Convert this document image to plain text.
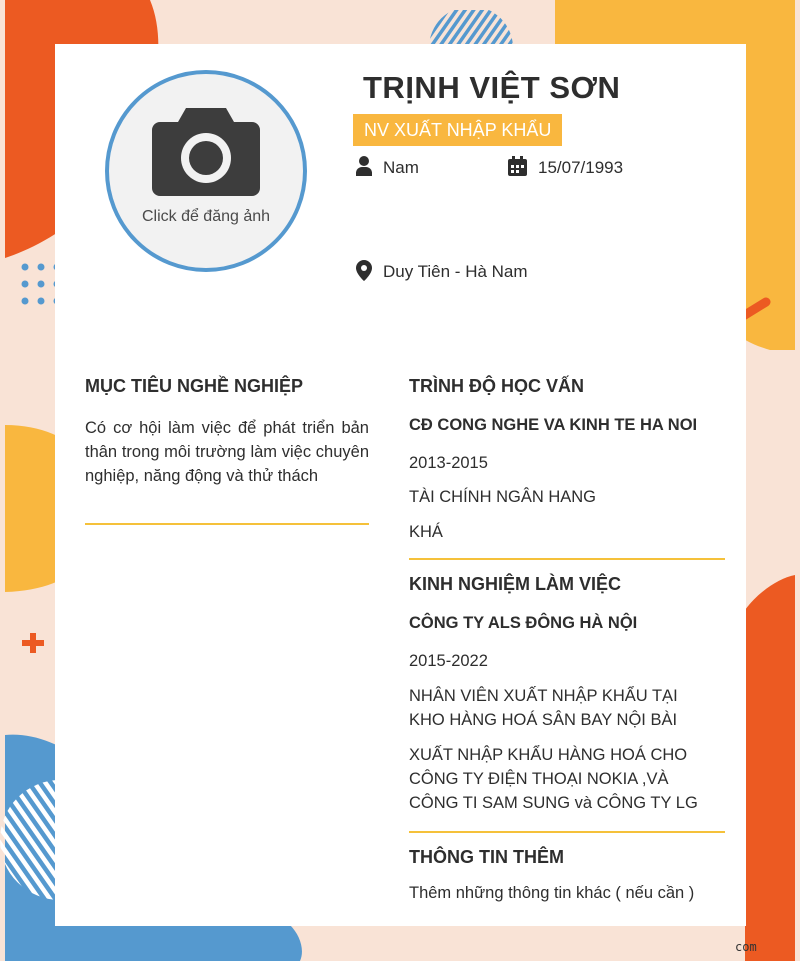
Click để đăng ảnh
TRỊNH VIỆT SƠN
NV XUẤT NHẬP KHẨU
Nam	15/07/1993
Duy Tiên - Hà Nam
MỤC TIÊU NGHỀ NGHIỆP
Có cơ hội làm việc để phát triển bản thân trong môi trường làm việc chuyên nghiệp, năng động và thử thách
TRÌNH ĐỘ HỌC VẤN
CĐ CONG NGHE VA KINH TE HA NOI
2013-2015
TÀI CHÍNH NGÂN HANG
KHÁ
KINH NGHIỆM LÀM VIỆC
CÔNG TY ALS ĐÔNG HÀ NỘI
2015-2022
NHÂN VIÊN XUẤT NHẬP KHẨU TẠI
KHO HÀNG HOÁ SÂN BAY NỘI BÀI
XUẤT NHẬP KHẨU HÀNG HOÁ CHO
CÔNG TY ĐIỆN THOẠI NOKIA ,VÀ
CÔNG TI SAM SUNG và CÔNG TY LG
THÔNG TIN THÊM
Thêm những thông tin khác ( nếu cần )
com
